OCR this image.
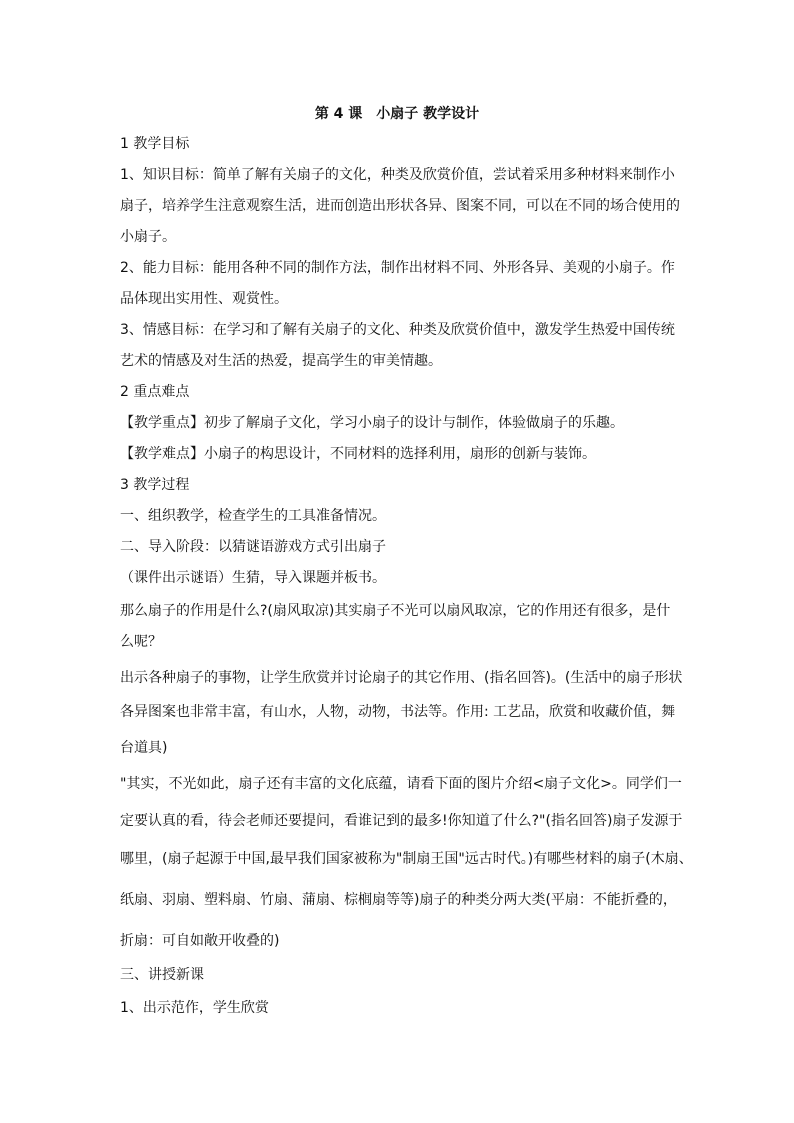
第 4 课　小扇子 教学设计
1 教学目标
1、知识目标：简单了解有关扇子的文化，种类及欣赏价值，尝试着采用多种材料来制作小
扇子，培养学生注意观察生活，进而创造出形状各异、图案不同，可以在不同的场合使用的
小扇子。
2、能力目标：能用各种不同的制作方法，制作出材料不同、外形各异、美观的小扇子。作
品体现出实用性、观赏性。
3、情感目标：在学习和了解有关扇子的文化、种类及欣赏价值中，激发学生热爱中国传统
艺术的情感及对生活的热爱，提高学生的审美情趣。
2 重点难点
【教学重点】初步了解扇子文化，学习小扇子的设计与制作，体验做扇子的乐趣。
【教学难点】小扇子的构思设计，不同材料的选择利用，扇形的创新与装饰。
3 教学过程
一、组织教学，检查学生的工具准备情况。
二、导入阶段：以猜谜语游戏方式引出扇子
（课件出示谜语）生猜，导入课题并板书。
那么扇子的作用是什么?(扇风取凉)其实扇子不光可以扇风取凉，它的作用还有很多，是什
么呢？
出示各种扇子的事物，让学生欣赏并讨论扇子的其它作用、(指名回答)。(生活中的扇子形状
各异图案也非常丰富，有山水，人物，动物，书法等。作用: 工艺品，欣赏和收藏价值，舞
台道具)
"其实，不光如此，扇子还有丰富的文化底蕴，请看下面的图片介绍<扇子文化>。同学们一
定要认真的看，待会老师还要提问，看谁记到的最多!你知道了什么?"(指名回答)扇子发源于
哪里，(扇子起源于中国,最早我们国家被称为"制扇王国"远古时代。)有哪些材料的扇子(木扇、
纸扇、羽扇、塑料扇、竹扇、蒲扇、棕榈扇等等)扇子的种类分两大类(平扇：不能折叠的，
折扇：可自如敞开收叠的)
三、讲授新课
1、出示范作，学生欣赏
